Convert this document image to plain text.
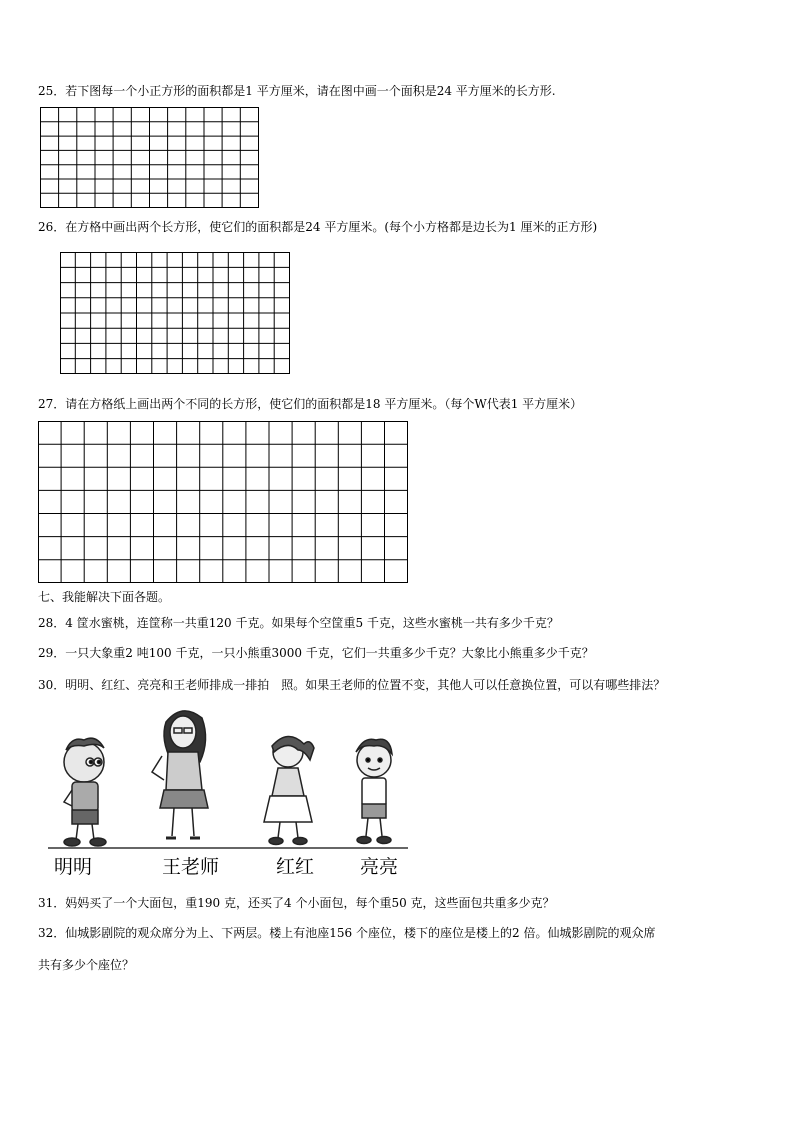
25．若下图每一个小正方形的面积都是1 平方厘米，请在图中画一个面积是24 平方厘米的长方形.
26．在方格中画出两个长方形，使它们的面积都是24 平方厘米。(每个小方格都是边长为1 厘米的正方形)
27．请在方格纸上画出两个不同的长方形，使它们的面积都是18 平方厘米。（每个W代表1 平方厘米）
七、我能解决下面各题。
28．4 筐水蜜桃，连筐称一共重120 千克。如果每个空筐重5 千克，这些水蜜桃一共有多少千克？
29．一只大象重2 吨100 千克，一只小熊重3000 千克，它们一共重多少千克？大象比小熊重多少千克？
30．明明、红红、亮亮和王老师排成一排拍　照。如果王老师的位置不变，其他人可以任意换位置，可以有哪些排法？
明明	王老师	红红 亮亮
31．妈妈买了一个大面包，重190 克，还买了4 个小面包，每个重50 克，这些面包共重多少克？
32．仙城影剧院的观众席分为上、下两层。楼上有池座156 个座位，楼下的座位是楼上的2 倍。仙城影剧院的观众席
共有多少个座位？
